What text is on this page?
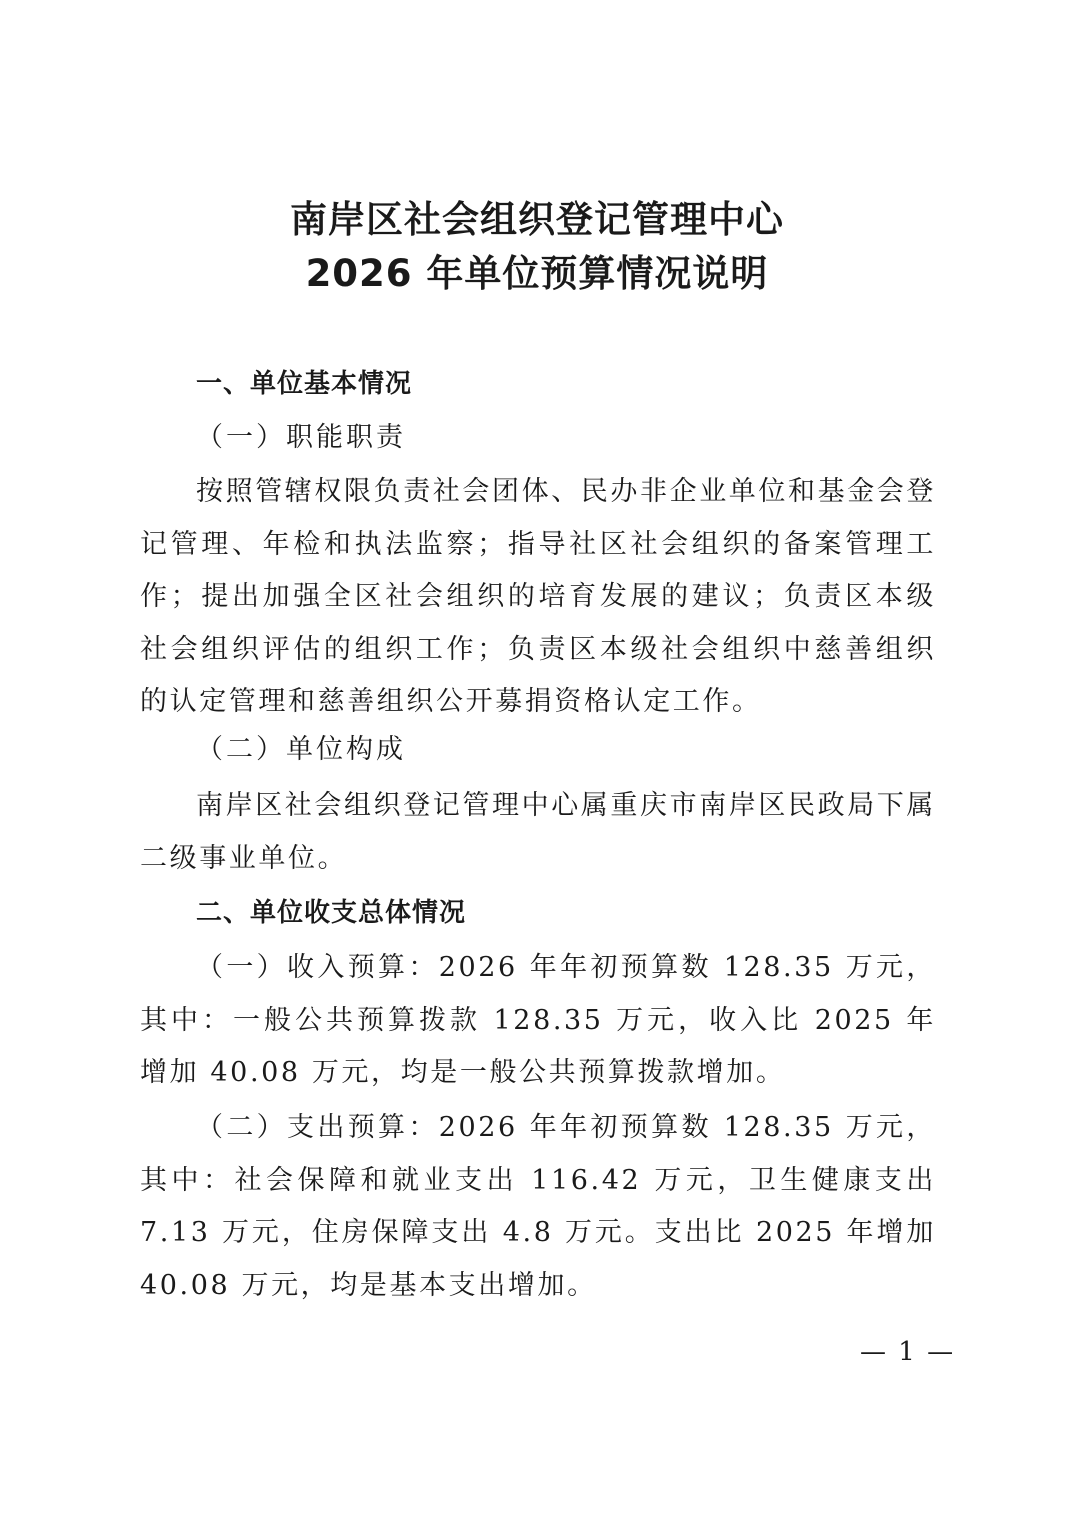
南岸区社会组织登记管理中心
2026 年单位预算情况说明
一、单位基本情况
（一）职能职责

按照管辖权限负责社会团体、民办非企业单位和基金会登记管理、年检和执法监察；指导社区社会组织的备案管理工作；提出加强全区社会组织的培育发展的建议；负责区本级社会组织评估的组织工作；负责区本级社会组织中慈善组织的认定管理和慈善组织公开募捐资格认定工作。

（二）单位构成

南岸区社会组织登记管理中心属重庆市南岸区民政局下属二级事业单位。

二、单位收支总体情况

（一）收入预算：2026 年年初预算数 128.35 万元，其中：一般公共预算拨款 128.35 万元，收入比 2025 年增加 40.08 万元，均是一般公共预算拨款增加。

（二）支出预算：2026 年年初预算数 128.35 万元，其中：社会保障和就业支出 116.42 万元，卫生健康支出 7.13 万元，住房保障支出 4.8 万元。支出比 2025 年增加 40.08 万元，均是基本支出增加。

— 1 —
